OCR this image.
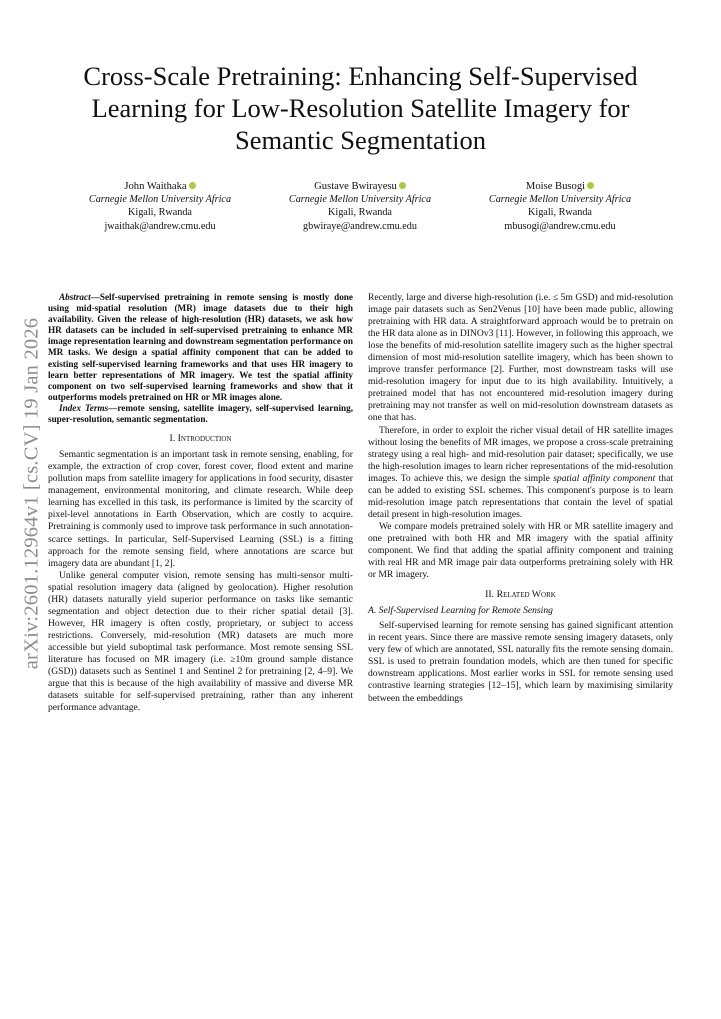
arXiv:2601.12964v1 [cs.CV] 19 Jan 2026
Cross-Scale Pretraining: Enhancing Self-Supervised Learning for Low-Resolution Satellite Imagery for Semantic Segmentation
John Waithaka
Carnegie Mellon University Africa
Kigali, Rwanda
jwaithak@andrew.cmu.edu
Gustave Bwirayesu
Carnegie Mellon University Africa
Kigali, Rwanda
gbwiraye@andrew.cmu.edu
Moise Busogi
Carnegie Mellon University Africa
Kigali, Rwanda
mbusogi@andrew.cmu.edu

Abstract—Self-supervised pretraining in remote sensing is mostly done using mid-spatial resolution (MR) image datasets due to their high availability. Given the release of high-resolution (HR) datasets, we ask how HR datasets can be included in self-supervised pretraining to enhance MR image representation learning and downstream segmentation performance on MR tasks. We design a spatial affinity component that can be added to existing self-supervised learning frameworks and that uses HR imagery to learn better representations of MR imagery. We test the spatial affinity component on two self-supervised learning frameworks and show that it outperforms models pretrained on HR or MR images alone.

Index Terms—remote sensing, satellite imagery, self-supervised learning, super-resolution, semantic segmentation.

I. Introduction

Semantic segmentation is an important task in remote sensing, enabling, for example, the extraction of crop cover, forest cover, flood extent and marine pollution maps from satellite imagery for applications in food security, disaster management, environmental monitoring, and climate research. While deep learning has excelled in this task, its performance is limited by the scarcity of pixel-level annotations in Earth Observation, which are costly to acquire. Pretraining is commonly used to improve task performance in such annotation-scarce settings. In particular, Self-Supervised Learning (SSL) is a fitting approach for the remote sensing field, where annotations are scarce but imagery data are abundant [1, 2].

Unlike general computer vision, remote sensing has multi-sensor multi-spatial resolution imagery data (aligned by geolocation). Higher resolution (HR) datasets naturally yield superior performance on tasks like semantic segmentation and object detection due to their richer spatial detail [3]. However, HR imagery is often costly, proprietary, or subject to access restrictions. Conversely, mid-resolution (MR) datasets are much more accessible but yield suboptimal task performance. Most remote sensing SSL literature has focused on MR imagery (i.e. ≥10m ground sample distance (GSD)) datasets such as Sentinel 1 and Sentinel 2 for pretraining [2, 4–9]. We argue that this is because of the high availability of massive and diverse MR datasets suitable for self-supervised pretraining, rather than any inherent performance advantage.

Recently, large and diverse high-resolution (i.e. ≤ 5m GSD) and mid-resolution image pair datasets such as Sen2Venus [10] have been made public, allowing pretraining with HR data. A straightforward approach would be to pretrain on the HR data alone as in DINOv3 [11]. However, in following this approach, we lose the benefits of mid-resolution satellite imagery such as the higher spectral dimension of most mid-resolution satellite imagery, which has been shown to improve transfer performance [2]. Further, most downstream tasks will use mid-resolution imagery for input due to its high availability. Intuitively, a pretrained model that has not encountered mid-resolution imagery during pretraining may not transfer as well on mid-resolution downstream datasets as one that has.

Therefore, in order to exploit the richer visual detail of HR satellite images without losing the benefits of MR images, we propose a cross-scale pretraining strategy using a real high- and mid-resolution pair dataset; specifically, we use the high-resolution images to learn richer representations of the mid-resolution images. To achieve this, we design the simple spatial affinity component that can be added to existing SSL schemes. This component's purpose is to learn mid-resolution image patch representations that contain the level of spatial detail present in high-resolution images.

We compare models pretrained solely with HR or MR satellite imagery and one pretrained with both HR and MR imagery with the spatial affinity component. We find that adding the spatial affinity component and training with real HR and MR image pair data outperforms pretraining solely with HR or MR imagery.

II. Related Work
A. Self-Supervised Learning for Remote Sensing

Self-supervised learning for remote sensing has gained significant attention in recent years. Since there are massive remote sensing imagery datasets, only very few of which are annotated, SSL naturally fits the remote sensing domain. SSL is used to pretrain foundation models, which are then tuned for specific downstream applications. Most earlier works in SSL for remote sensing used contrastive learning strategies [12–15], which learn by maximising similarity between the embeddings
